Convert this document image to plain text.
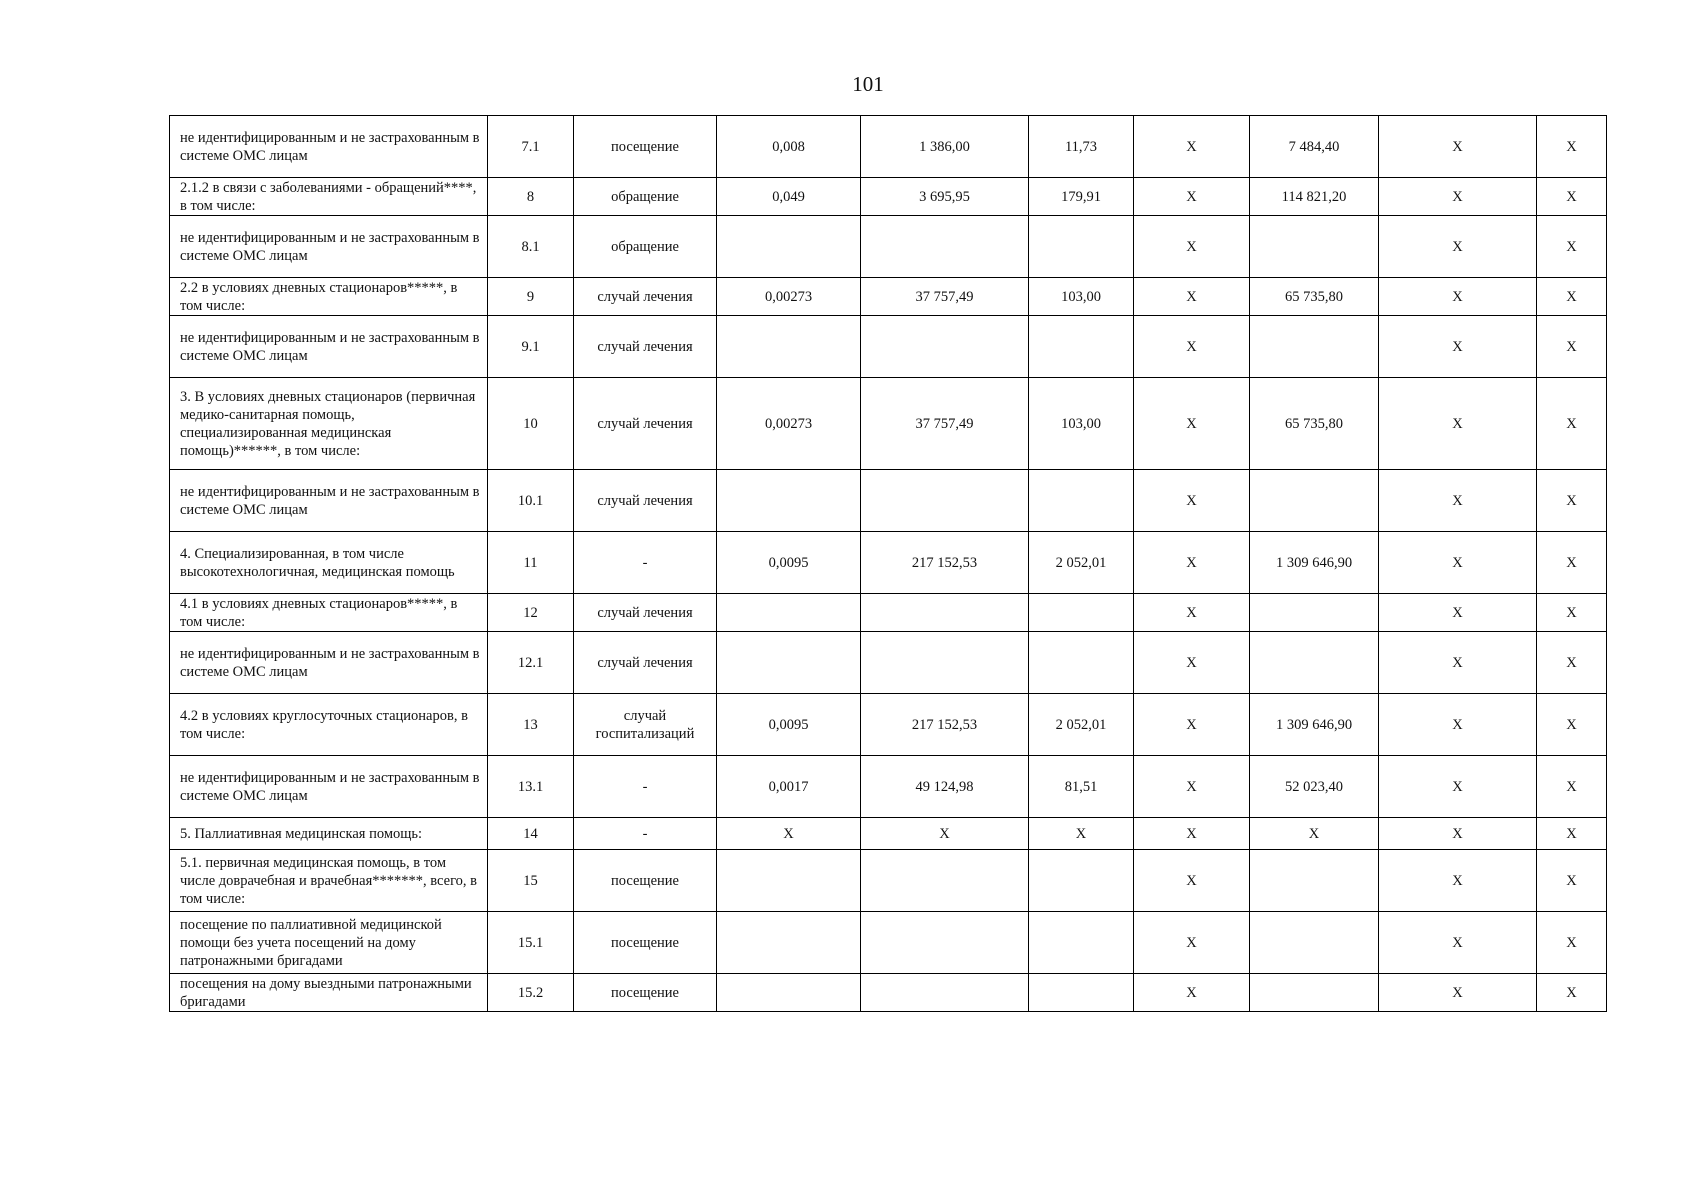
101
не идентифицированным и не застрахованным в системе ОМС лицам	7.1	посещение	0,008	1 386,00	11,73	X	7 484,40	X	X
2.1.2 в связи с заболеваниями - обращений****, в том числе:	8	обращение	0,049	3 695,95	179,91	X	114 821,20	X	X
не идентифицированным и не застрахованным в системе ОМС лицам	8.1	обращение				X		X	X
2.2 в условиях дневных стационаров*****, в том числе:	9	случай лечения	0,00273	37 757,49	103,00	X	65 735,80	X	X
не идентифицированным и не застрахованным в системе ОМС лицам	9.1	случай лечения				X		X	X
3. В условиях дневных стационаров (первичная медико-санитарная помощь, специализированная медицинская помощь)******, в том числе:	10	случай лечения	0,00273	37 757,49	103,00	X	65 735,80	X	X
не идентифицированным и не застрахованным в системе ОМС лицам	10.1	случай лечения				X		X	X
4. Специализированная, в том числе высокотехнологичная, медицинская помощь	11	-	0,0095	217 152,53	2 052,01	X	1 309 646,90	X	X
4.1 в условиях дневных стационаров*****, в том числе:	12	случай лечения				X		X	X
не идентифицированным и не застрахованным в системе ОМС лицам	12.1	случай лечения				X		X	X
4.2 в условиях круглосуточных стационаров, в том числе:	13	случай госпитализаций	0,0095	217 152,53	2 052,01	X	1 309 646,90	X	X
не идентифицированным и не застрахованным в системе ОМС лицам	13.1	-	0,0017	49 124,98	81,51	X	52 023,40	X	X
5. Паллиативная медицинская помощь:	14	-	X	X	X	X	X	X	X
5.1. первичная медицинская помощь, в том числе доврачебная и врачебная*******, всего, в том числе:	15	посещение				X		X	X
посещение по паллиативной медицинской помощи без учета посещений на дому патронажными бригадами	15.1	посещение				X		X	X
посещения на дому выездными патронажными бригадами	15.2	посещение				X		X	X
